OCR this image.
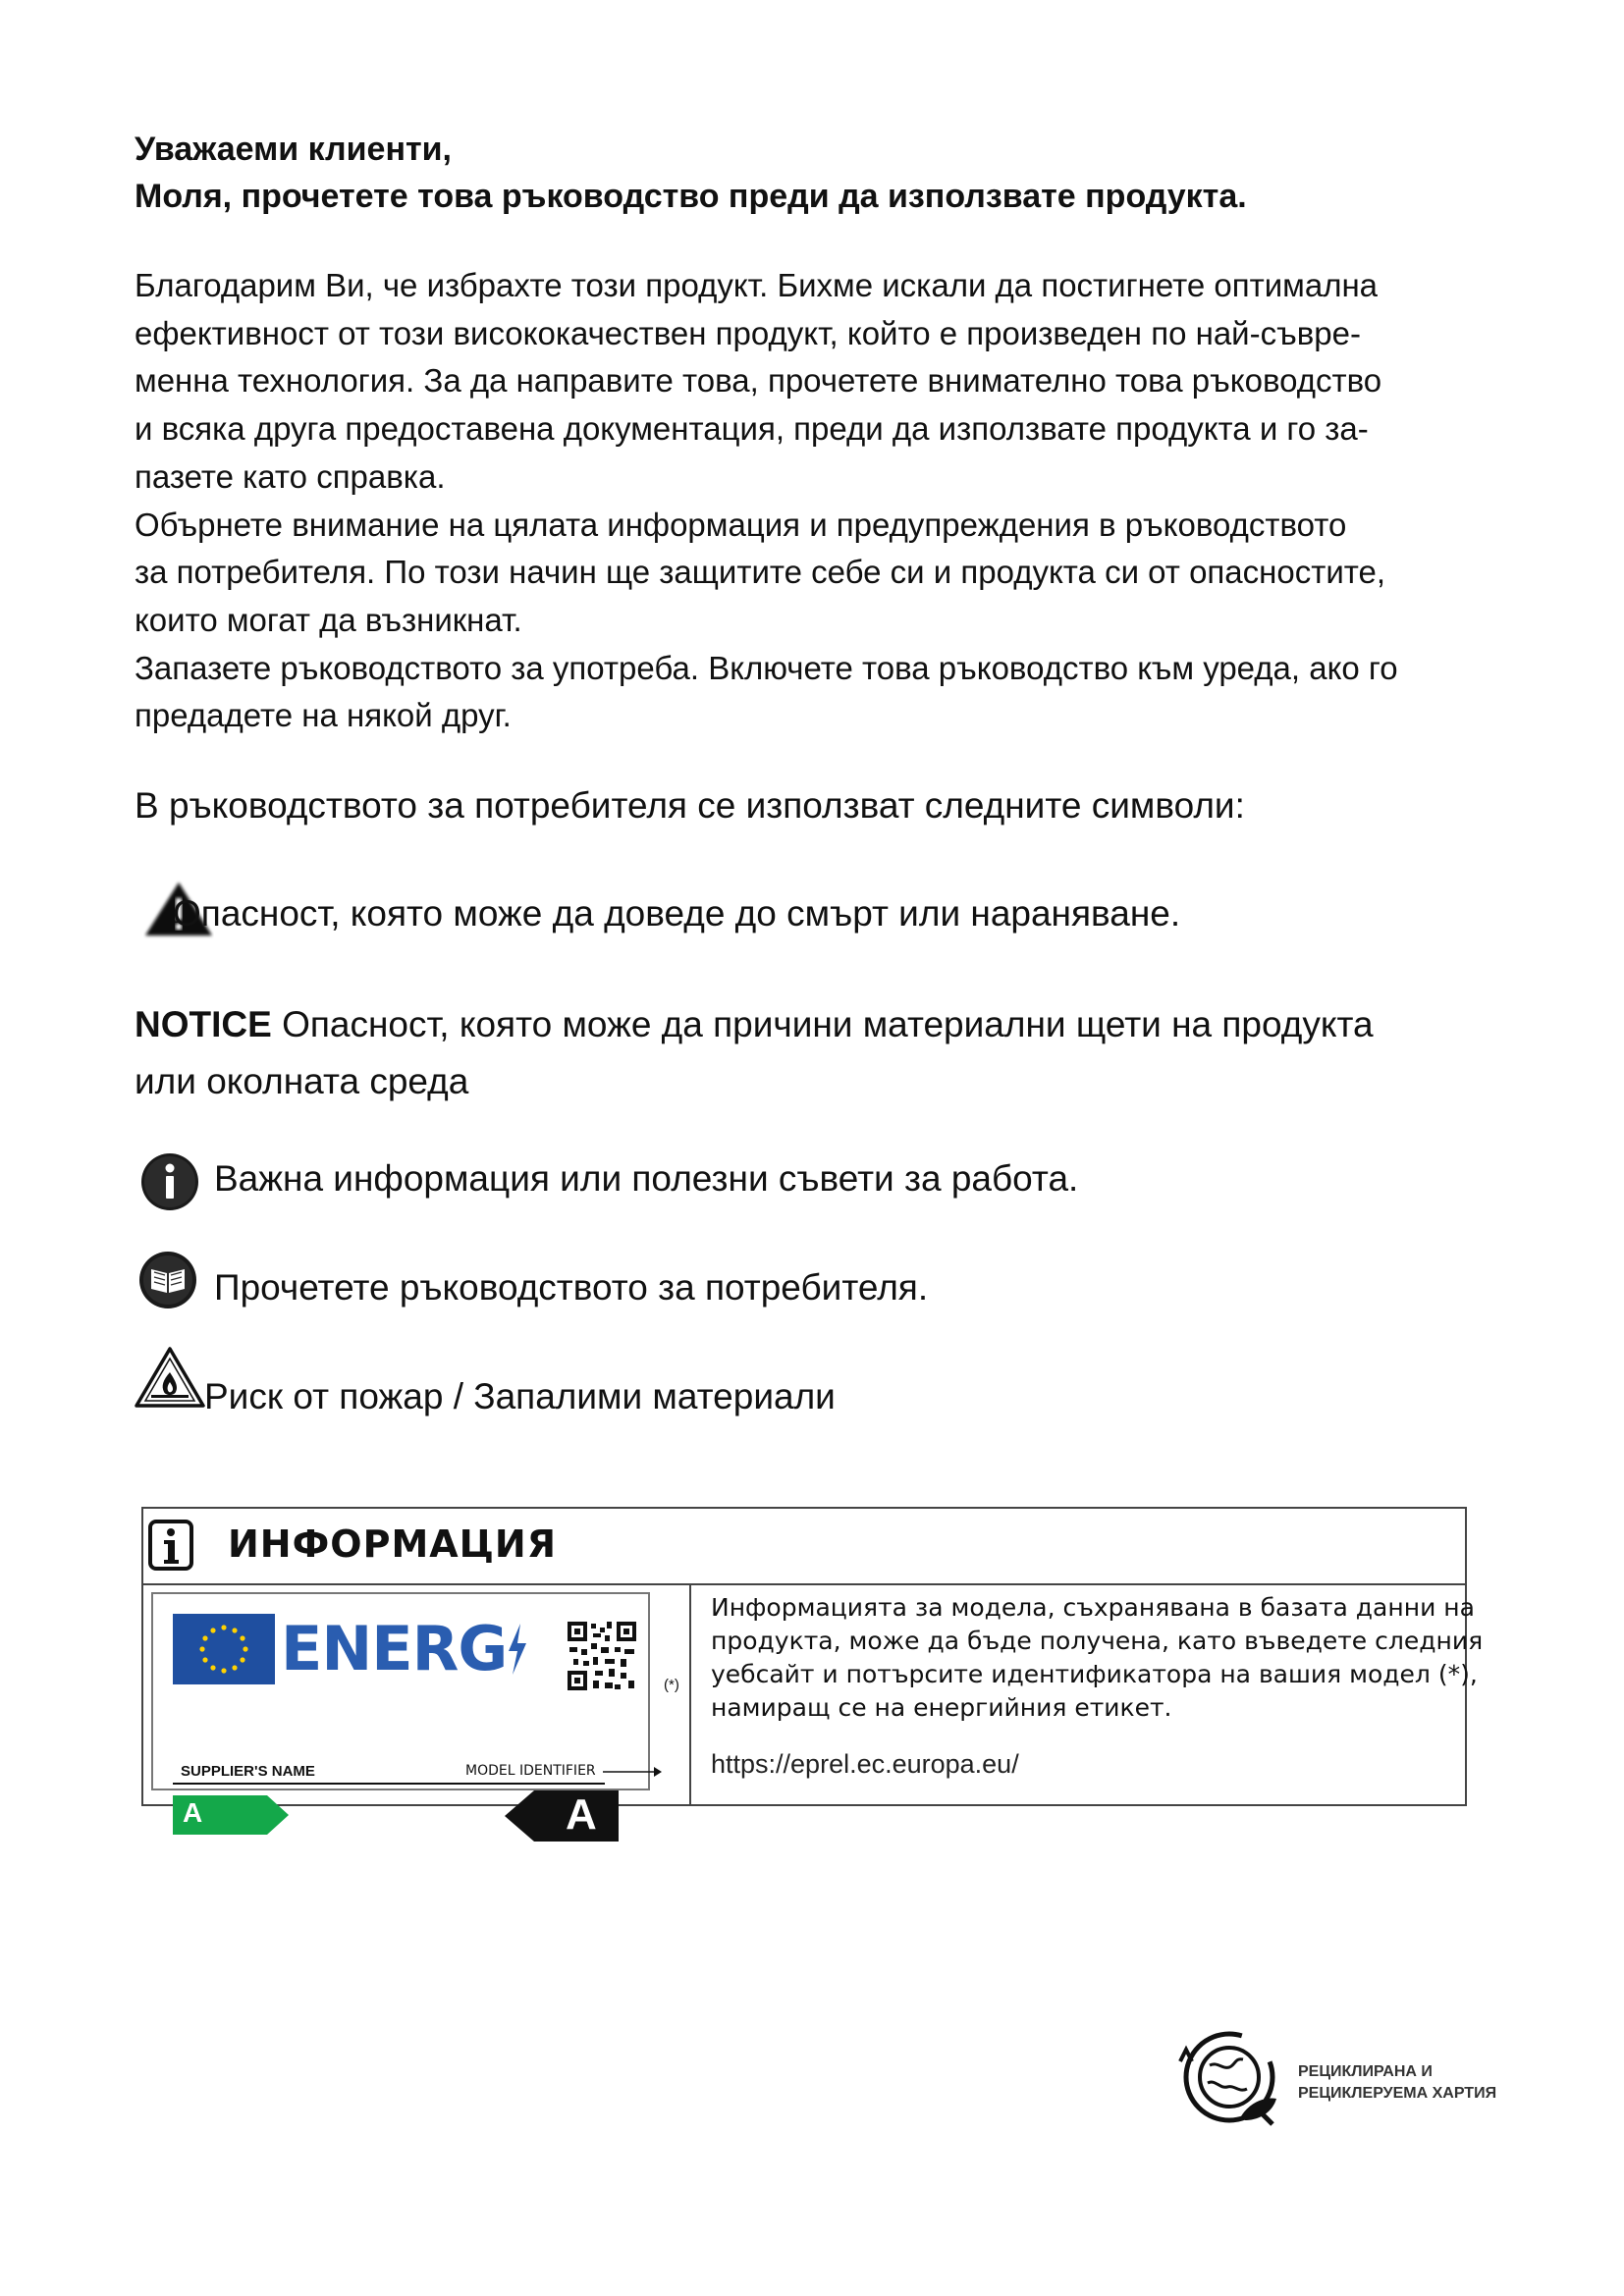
Уважаеми клиенти,
Моля, прочетете това ръководство преди да използвате продукта.
Благодарим Ви, че избрахте този продукт. Бихме искали да постигнете оптимална
ефективност от този висококачествен продукт, който е произведен по най-съвре-
менна технология. За да направите това, прочетете внимателно това ръководство
и всяка друга предоставена документация, преди да използвате продукта и го за-
пазете като справка.
Обърнете внимание на цялата информация и предупреждения в ръководството
за потребителя. По този начин ще защитите себе си и продукта си от опасностите,
които могат да възникнат.
Запазете ръководството за употреба. Включете това ръководство към уреда, ако го
предадете на някой друг.
В ръководството за потребителя се използват следните символи:
Опасност, която може да доведе до смърт или нараняване.
NOTICE Опасност, която може да причини материални щети на продукта
или околната среда
Важна информация или полезни съвети за работа.
Прочетете ръководството за потребителя.
Риск от пожар / Запалими материали
ИНФОРМАЦИЯ
ENERG
SUPPLIER'S NAME	MODEL IDENTIFIER
A	A
(*)
Информацията за модела, съхранявана в базата данни на
продукта, може да бъде получена, като въведете следния
уебсайт и потърсите идентификатора на вашия модел (*),
намиращ се на енергийния етикет.
https://eprel.ec.europa.eu/
РЕЦИКЛИРАНА И
РЕЦИКЛЕРУЕМА ХАРТИЯ
